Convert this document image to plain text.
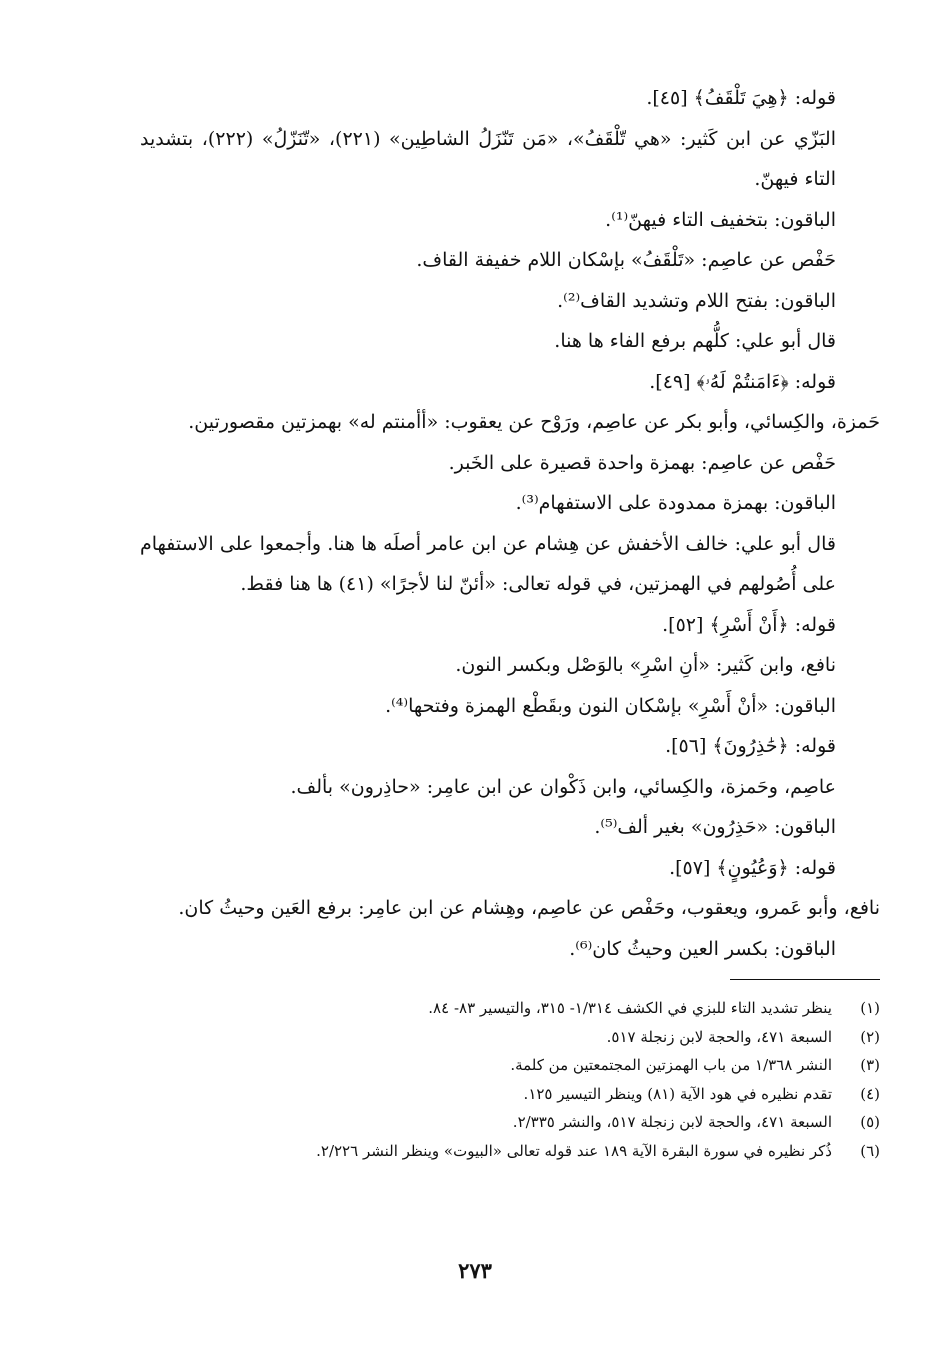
قوله: ﴿هِيَ تَلْقَفُ﴾ [٤٥].

البَزّي عن ابن كَثير: «هي تّلْقَفُ»، «مَن تَنّزَلُ الشاطِين» (٢٢١)، «تّنَزّلُ» (٢٢٢)، بتشديد التاء فيهنّ.

الباقون: بتخفيف التاء فيهنّ⁽¹⁾.

حَفْص عن عاصِم: «تَلْقَفُ» بإسْكان اللام خفيفة القاف.

الباقون: بفتح اللام وتشديد القاف⁽²⁾.

قال أبو علي: كلُّهم برفع الفاء ها هنا.

قوله: ﴿ءَامَنتُمْ لَهُۥ﴾ [٤٩].

حَمزة، والكِسائي، وأبو بكر عن عاصِم، ورَوْح عن يعقوب: «أأمنتم له» بهمزتين مقصورتين.

حَفْص عن عاصِم: بهمزة واحدة قصيرة على الخَبر.

الباقون: بهمزة ممدودة على الاستفهام⁽³⁾.

قال أبو علي: خالف الأخفش عن هِشام عن ابن عامر أصلَه ها هنا. وأجمعوا على الاستفهام على أُصُولهم في الهمزتين، في قوله تعالى: «أئنّ لنا لأجرًا» (٤١) ها هنا فقط.

قوله: ﴿أَنْ أَسْرِ﴾ [٥٢].

نافع، وابن كَثير: «أنِ اسْرِ» بالوَصْل وبكسر النون.

الباقون: «أنْ أَسْرِ» بإسْكان النون وبقَطْع الهمزة وفتحها⁽⁴⁾.

قوله: ﴿حَٰذِرُونَ﴾ [٥٦].

عاصِم، وحَمزة، والكِسائي، وابن ذَكْوان عن ابن عامِر: «حاذِرون» بألف.

الباقون: «حَذِرُون» بغير ألف⁽⁵⁾.

قوله: ﴿وَعُيُونٍ﴾ [٥٧].

نافع، وأبو عَمرو، ويعقوب، وحَفْص عن عاصِم، وهِشام عن ابن عامِر: برفع العَين وحيثُ كان.

الباقون: بكسر العين وحيثُ كان⁽⁶⁾.

(١)
ينظر تشديد التاء للبزي في الكشف ١/٣١٤- ٣١٥، والتيسير ٨٣- ٨٤.
(٢)
السبعة ٤٧١، والحجة لابن زنجلة ٥١٧.
(٣)
النشر ١/٣٦٨ من باب الهمزتين المجتمعتين من كلمة.
(٤)
تقدم نظيره في هود الآية (٨١) وينظر التيسير ١٢٥.
(٥)
السبعة ٤٧١، والحجة لابن زنجلة ٥١٧، والنشر ٢/٣٣٥.
(٦)
ذُكر نظيره في سورة البقرة الآية ١٨٩ عند قوله تعالى «البيوت» وينظر النشر ٢/٢٢٦.
٢٧٣
